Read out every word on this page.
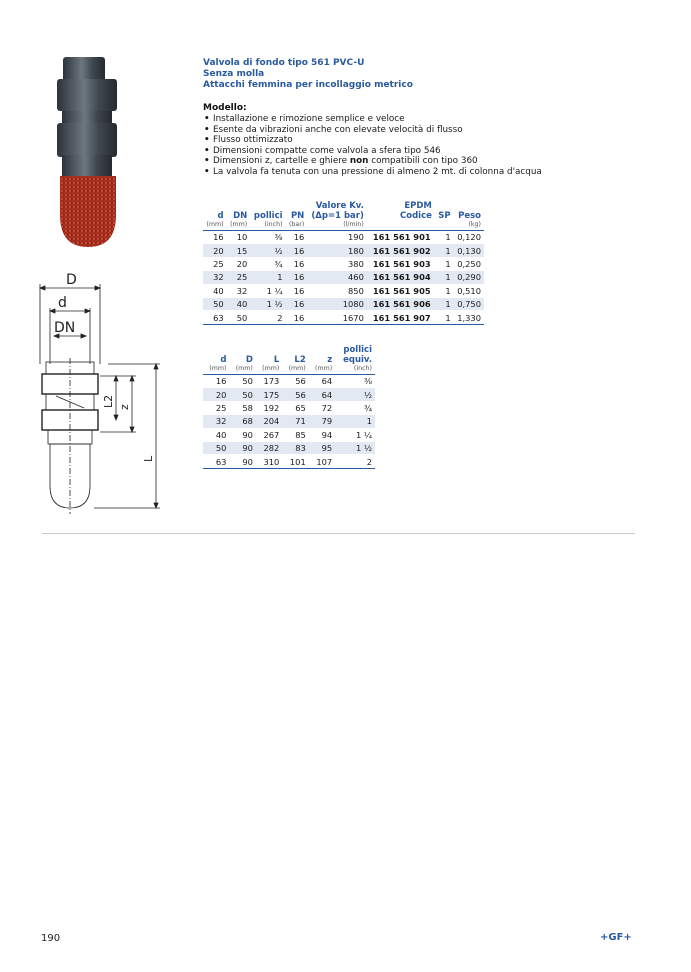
D
d
DN
L2 z
L

Valvola di fondo tipo 561 PVC-U

Senza molla

Attacchi femmina per incollaggio metrico

Modello:

• Installazione e rimozione semplice e veloce
• Esente da vibrazioni anche con elevate velocità di flusso
• Flusso ottimizzato
• Dimensioni compatte come valvola a sfera tipo 546
• Dimensioni z, cartelle e ghiere non compatibili con tipo 360
• La valvola fa tenuta con una pressione di almeno 2 mt. di colonna d'acqua
d	DN	pollici	PN	Valore Kv.
(Δp=1 bar)	EPDM
Codice	SP	Peso
(mm)	(mm)	(inch)	(bar)	(l/min)			(kg)

16	10	⅜	16	190	161 561 901	1	0,120
20	15	½	16	180	161 561 902	1	0,130
25	20	¾	16	380	161 561 903	1	0,250
32	25	1	16	460	161 561 904	1	0,290
40	32	1 ¼	16	850	161 561 905	1	0,510
50	40	1 ½	16	1080	161 561 906	1	0,750
63	50	2	16	1670	161 561 907	1	1,330
d	D	L	L2	z	pollici
equiv.
(mm)	(mm)	(mm)	(mm)	(mm)	(inch)

16	50	173	56	64	⅜
20	50	175	56	64	½
25	58	192	65	72	¾
32	68	204	71	79	1
40	90	267	85	94	1 ¼
50	90	282	83	95	1 ½
63	90	310	101	107	2
190	+GF+
